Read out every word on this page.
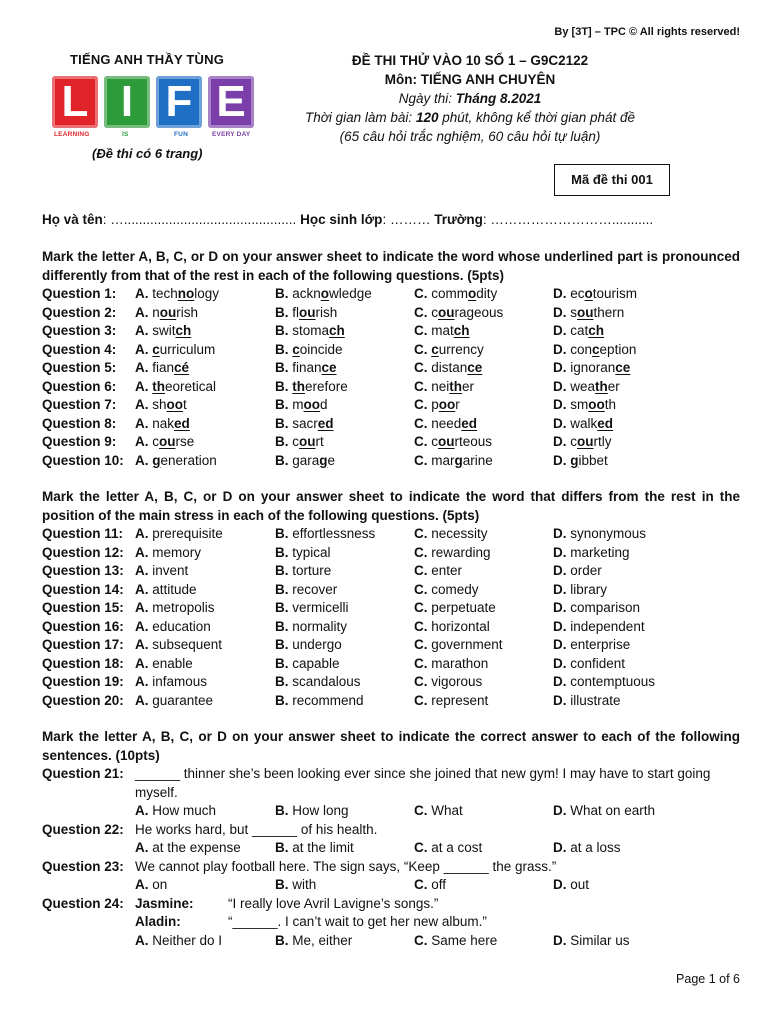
By [3T] – TPC © All rights reserved!
TIẾNG ANH THẦY TÙNG
L I F E
LEARNING	IS	FUN	EVERY DAY
(Đề thi có 6 trang)
ĐỀ THI THỬ VÀO 10 SỐ 1 – G9C2122
Môn: TIẾNG ANH CHUYÊN
Ngày thi: Tháng 8.2021
Thời gian làm bài: 120 phút, không kể thời gian phát đề
(65 câu hỏi trắc nghiệm, 60 câu hỏi tự luận)
Mã đề thi 001
Họ và tên: ….............................................. Học sinh lớp: ……… Trường: ………………………...........
Mark the letter A, B, C, or D on your answer sheet to indicate the word whose underlined part is pronounced differently from that of the rest in each of the following questions. (5pts)
Question 1: A. technology	B. acknowledge	C. commodity	D. ecotourism
Question 2: A. nourish	B. flourish	C. courageous	D. southern
Question 3: A. switch	B. stomach	C. match	D. catch
Question 4: A. curriculum	B. coincide	C. currency	D. conception
Question 5: A. fiancé	B. finance	C. distance	D. ignorance
Question 6: A. theoretical	B. therefore	C. neither	D. weather
Question 7: A. shoot	B. mood	C. poor	D. smooth
Question 8: A. naked	B. sacred	C. needed	D. walked
Question 9: A. course	B. court	C. courteous	D. courtly
Question 10: A. generation	B. garage	C. margarine	D. gibbet
Mark the letter A, B, C, or D on your answer sheet to indicate the word that differs from the rest in the position of the main stress in each of the following questions. (5pts)
Question 11: A. prerequisite	B. effortlessness	C. necessity	D. synonymous
Question 12: A. memory	B. typical	C. rewarding	D. marketing
Question 13: A. invent	B. torture	C. enter	D. order
Question 14: A. attitude	B. recover	C. comedy	D. library
Question 15: A. metropolis	B. vermicelli	C. perpetuate	D. comparison
Question 16: A. education	B. normality	C. horizontal	D. independent
Question 17: A. subsequent	B. undergo	C. government	D. enterprise
Question 18: A. enable	B. capable	C. marathon	D. confident
Question 19: A. infamous	B. scandalous	C. vigorous	D. contemptuous
Question 20: A. guarantee	B. recommend	C. represent	D. illustrate
Mark the letter A, B, C, or D on your answer sheet to indicate the correct answer to each of the following sentences. (10pts)
Question 21: ______ thinner she’s been looking ever since she joined that new gym! I may have to start going
myself.
A. How much	B. How long	C. What	D. What on earth
Question 22: He works hard, but ______ of his health.
A. at the expense	B. at the limit	C. at a cost	D. at a loss
Question 23: We cannot play football here. The sign says, “Keep ______ the grass.”
A. on	B. with	C. off	D. out
Question 24: Jasmine:	“I really love Avril Lavigne’s songs.”
Aladin:	“______. I can’t wait to get her new album.”
A. Neither do I	B. Me, either	C. Same here	D. Similar us
Page 1 of 6
